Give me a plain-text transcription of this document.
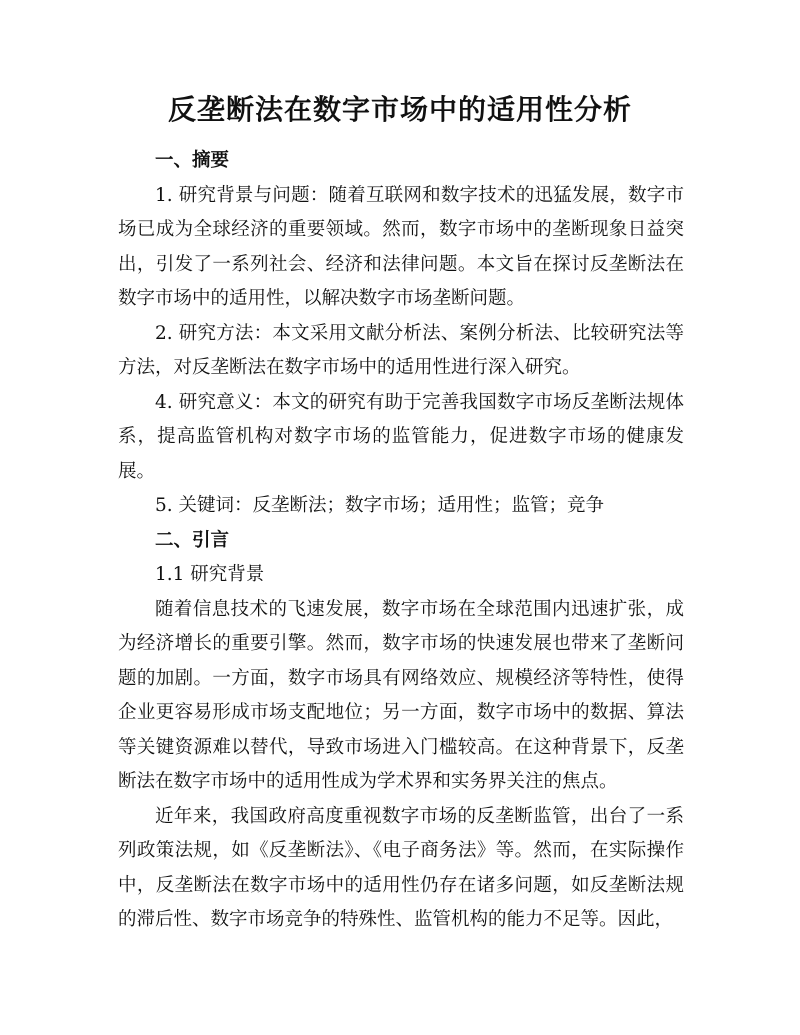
反垄断法在数字市场中的适用性分析

一、摘要

1. 研究背景与问题：随着互联网和数字技术的迅猛发展，数字市场已成为全球经济的重要领域。然而，数字市场中的垄断现象日益突出，引发了一系列社会、经济和法律问题。本文旨在探讨反垄断法在数字市场中的适用性，以解决数字市场垄断问题。

2. 研究方法：本文采用文献分析法、案例分析法、比较研究法等方法，对反垄断法在数字市场中的适用性进行深入研究。

4. 研究意义：本文的研究有助于完善我国数字市场反垄断法规体系，提高监管机构对数字市场的监管能力，促进数字市场的健康发展。

5. 关键词：反垄断法；数字市场；适用性；监管；竞争

二、引言

1.1 研究背景

随着信息技术的飞速发展，数字市场在全球范围内迅速扩张，成为经济增长的重要引擎。然而，数字市场的快速发展也带来了垄断问题的加剧。一方面，数字市场具有网络效应、规模经济等特性，使得企业更容易形成市场支配地位；另一方面，数字市场中的数据、算法等关键资源难以替代，导致市场进入门槛较高。在这种背景下，反垄断法在数字市场中的适用性成为学术界和实务界关注的焦点。

近年来，我国政府高度重视数字市场的反垄断监管，出台了一系列政策法规，如《反垄断法》、《电子商务法》等。然而，在实际操作中，反垄断法在数字市场中的适用性仍存在诸多问题，如反垄断法规的滞后性、数字市场竞争的特殊性、监管机构的能力不足等。因此，
